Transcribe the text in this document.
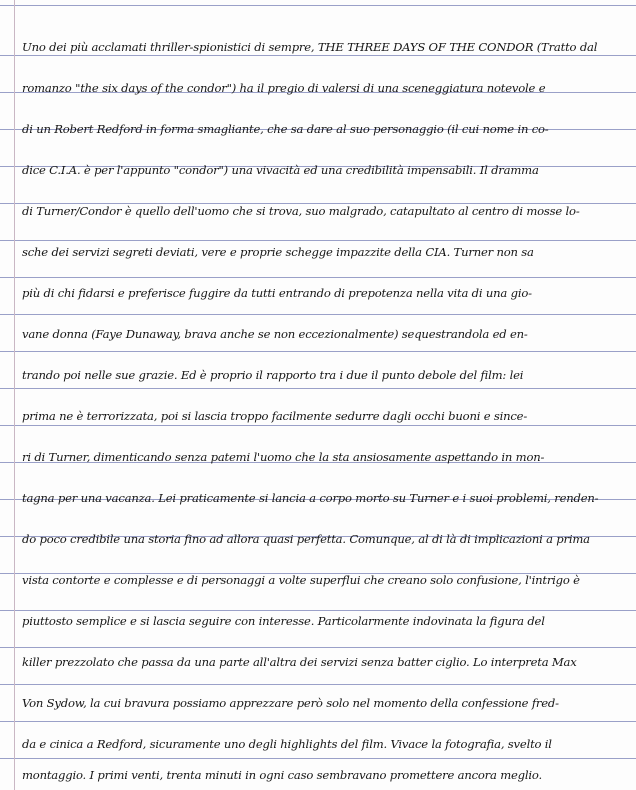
Uno dei più acclamati thriller-spionistici di sempre, THE THREE DAYS OF THE CONDOR (Tratto dal
romanzo "the six days of the condor") ha il pregio di valersi di una sceneggiatura notevole e
di un Robert Redford in forma smagliante, che sa dare al suo personaggio (il cui nome in co-
dice C.I.A. è per l'appunto "condor") una vivacità ed una credibilità impensabili. Il dramma
di Turner/Condor è quello dell'uomo che si trova, suo malgrado, catapultato al centro di mosse lo-
sche dei servizi segreti deviati, vere e proprie schegge impazzite della CIA. Turner non sa
più di chi fidarsi e preferisce fuggire da tutti entrando di prepotenza nella vita di una gio-
vane donna (Faye Dunaway, brava anche se non eccezionalmente) sequestrandola ed en-
trando poi nelle sue grazie. Ed è proprio il rapporto tra i due il punto debole del film: lei
prima ne è terrorizzata, poi si lascia troppo facilmente sedurre dagli occhi buoni e since-
ri di Turner, dimenticando senza patemi l'uomo che la sta ansiosamente aspettando in mon-
tagna per una vacanza. Lei praticamente si lancia a corpo morto su Turner e i suoi problemi, renden-
do poco credibile una storia fino ad allora quasi perfetta. Comunque, al di là di implicazioni a prima
vista contorte e complesse e di personaggi a volte superflui che creano solo confusione, l'intrigo è
piuttosto semplice e si lascia seguire con interesse. Particolarmente indovinata la figura del
killer prezzolato che passa da una parte all'altra dei servizi senza batter ciglio. Lo interpreta Max
Von Sydow, la cui bravura possiamo apprezzare però solo nel momento della confessione fred-
da e cinica a Redford, sicuramente uno degli highlights del film. Vivace la fotografia, svelto il
montaggio. I primi venti, trenta minuti in ogni caso sembravano promettere ancora meglio.
